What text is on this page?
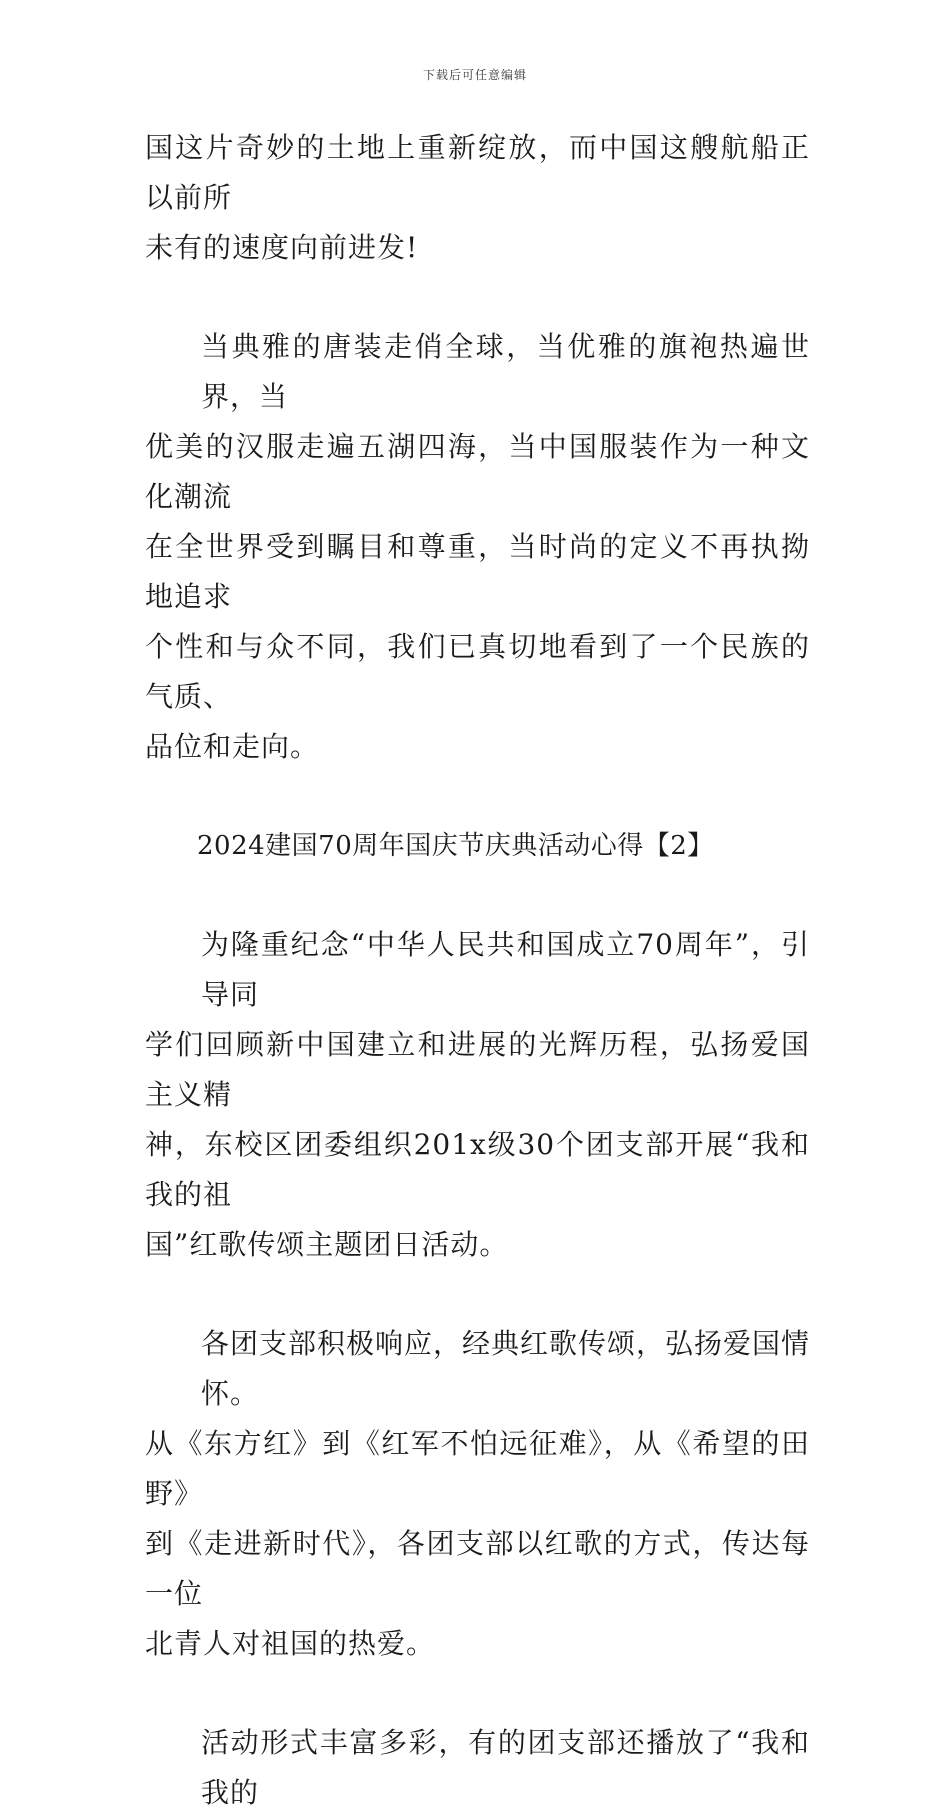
下载后可任意编辑
国这片奇妙的土地上重新绽放，而中国这艘航船正以前所
未有的速度向前进发!
当典雅的唐装走俏全球，当优雅的旗袍热遍世界，当
优美的汉服走遍五湖四海，当中国服装作为一种文化潮流
在全世界受到瞩目和尊重，当时尚的定义不再执拗地追求
个性和与众不同，我们已真切地看到了一个民族的气质、
品位和走向。
2024建国70周年国庆节庆典活动心得【2】
为隆重纪念“中华人民共和国成立70周年”，引导同
学们回顾新中国建立和进展的光辉历程，弘扬爱国主义精
神，东校区团委组织201x级30个团支部开展“我和我的祖
国”红歌传颂主题团日活动。
各团支部积极响应，经典红歌传颂，弘扬爱国情怀。
从《东方红》到《红军不怕远征难》，从《希望的田野》
到《走进新时代》，各团支部以红歌的方式，传达每一位
北青人对祖国的热爱。
活动形式丰富多彩，有的团支部还播放了“我和我的
